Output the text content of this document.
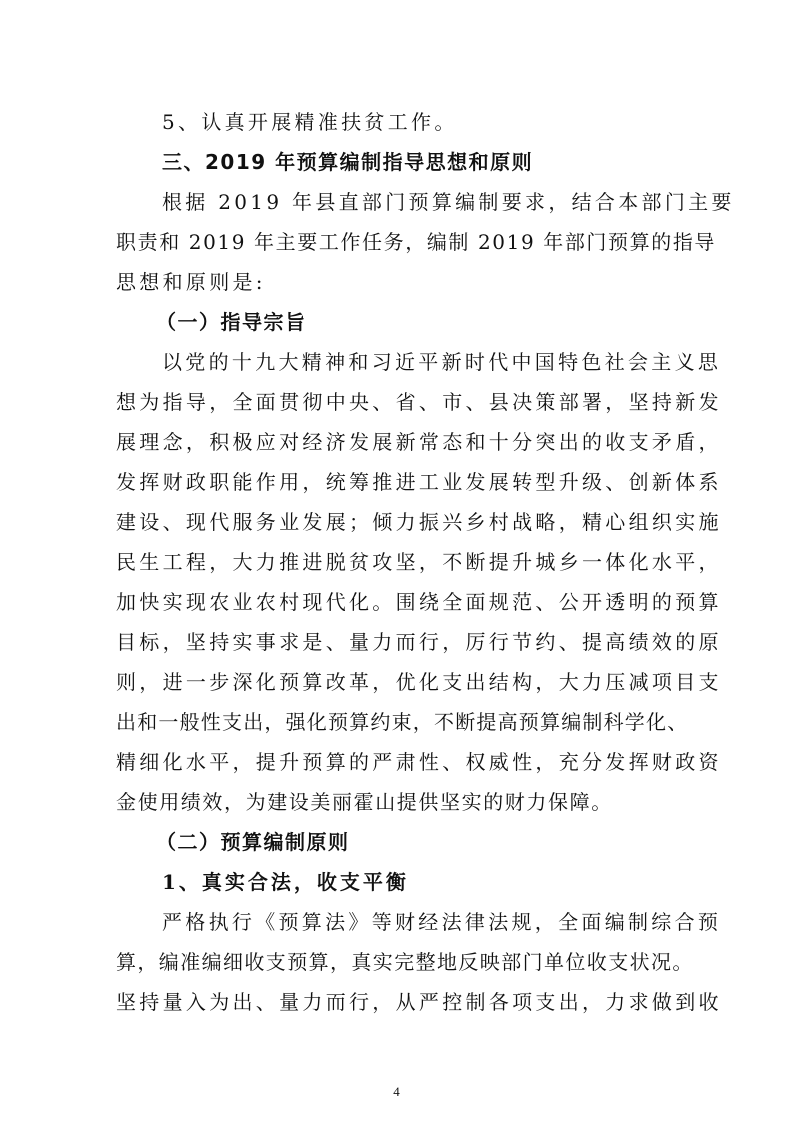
5、认真开展精准扶贫工作。
三、2019 年预算编制指导思想和原则
根据 2019 年县直部门预算编制要求，结合本部门主要
职责和 2019 年主要工作任务，编制 2019 年部门预算的指导
思想和原则是:
（一）指导宗旨
以党的十九大精神和习近平新时代中国特色社会主义思
想为指导，全面贯彻中央、省、市、县决策部署，坚持新发
展理念，积极应对经济发展新常态和十分突出的收支矛盾，
发挥财政职能作用，统筹推进工业发展转型升级、创新体系
建设、现代服务业发展；倾力振兴乡村战略，精心组织实施
民生工程，大力推进脱贫攻坚，不断提升城乡一体化水平，
加快实现农业农村现代化。围绕全面规范、公开透明的预算
目标，坚持实事求是、量力而行，厉行节约、提高绩效的原
则，进一步深化预算改革，优化支出结构，大力压减项目支
出和一般性支出，强化预算约束，不断提高预算编制科学化、
精细化水平，提升预算的严肃性、权威性，充分发挥财政资
金使用绩效，为建设美丽霍山提供坚实的财力保障。
（二）预算编制原则
1、真实合法，收支平衡
严格执行《预算法》等财经法律法规，全面编制综合预
算，编准编细收支预算，真实完整地反映部门单位收支状况。
坚持量入为出、量力而行，从严控制各项支出，力求做到收
4
